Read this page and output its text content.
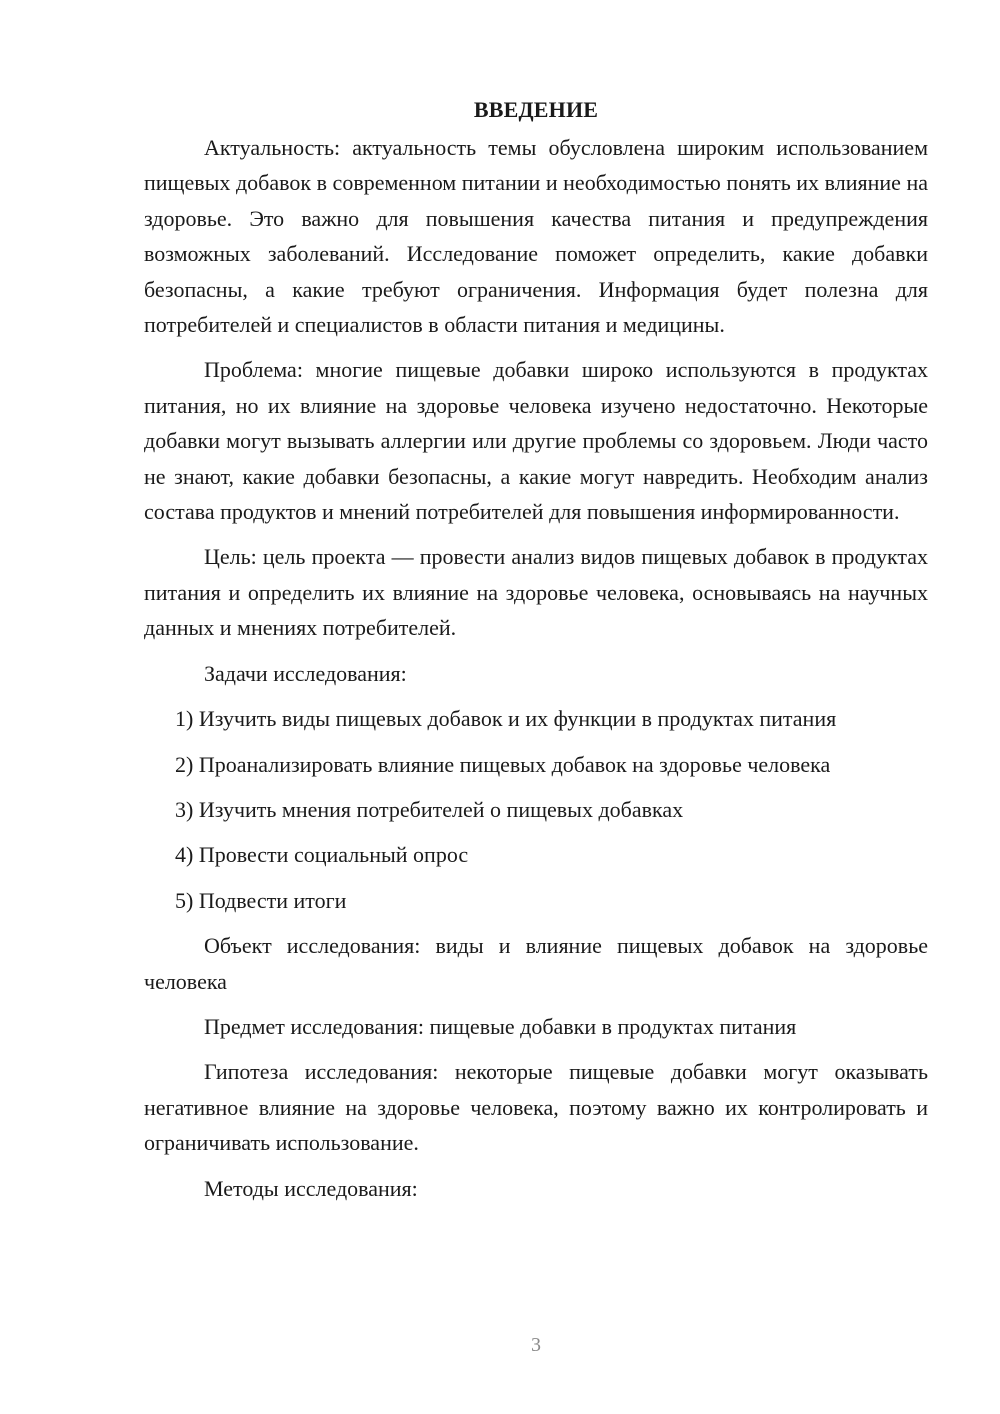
ВВЕДЕНИЕ

Актуальность: актуальность темы обусловлена широким использованием пищевых добавок в современном питании и необходимостью понять их влияние на здоровье. Это важно для повышения качества питания и предупреждения возможных заболеваний. Исследование поможет определить, какие добавки безопасны, а какие требуют ограничения. Информация будет полезна для потребителей и специалистов в области питания и медицины.

Проблема: многие пищевые добавки широко используются в продуктах питания, но их влияние на здоровье человека изучено недостаточно. Некоторые добавки могут вызывать аллергии или другие проблемы со здоровьем. Люди часто не знают, какие добавки безопасны, а какие могут навредить. Необходим анализ состава продуктов и мнений потребителей для повышения информированности.

Цель: цель проекта — провести анализ видов пищевых добавок в продуктах питания и определить их влияние на здоровье человека, основываясь на научных данных и мнениях потребителей.

Задачи исследования:

1) Изучить виды пищевых добавок и их функции в продуктах питания
2) Проанализировать влияние пищевых добавок на здоровье человека
3) Изучить мнения потребителей о пищевых добавках
4) Провести социальный опрос
5) Подвести итоги

Объект исследования: виды и влияние пищевых добавок на здоровье человека

Предмет исследования: пищевые добавки в продуктах питания

Гипотеза исследования: некоторые пищевые добавки могут оказывать негативное влияние на здоровье человека, поэтому важно их контролировать и ограничивать использование.

Методы исследования:

3
